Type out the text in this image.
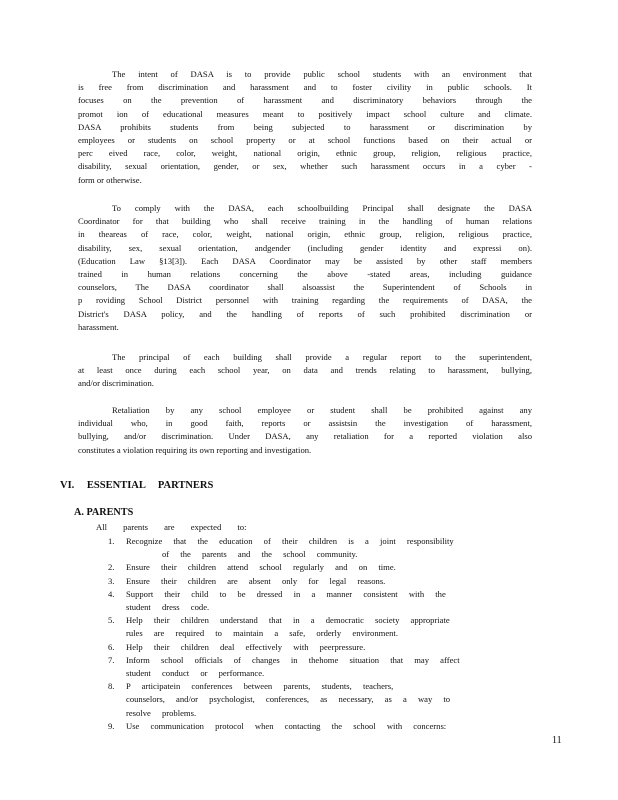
The intent of DASA is to provide public school students with an environment that
is free from discrimination and harassment and to foster civility in public schools. It
focuses on the prevention of harassment and discriminatory behaviors through the
promot ion of educational measures meant to positively impact school culture and climate.
DASA prohibits students from being subjected to harassment or discrimination by
employees or students on school property or at school functions based on their actual or
perc eived race, color, weight, national origin, ethnic group, religion, religious practice,
disability, sexual orientation, gender, or sex, whether such harassment occurs in a cyber -
form or otherwise.
To comply with the DASA, each schoolbuilding Principal shall designate the DASA
Coordinator for that building who shall receive training in the handling of human relations
in theareas of race, color, weight, national origin, ethnic group, religion, religious practice,
disability, sex, sexual orientation, andgender (including gender identity and expressi on).
(Education Law §13[3]). Each DASA Coordinator may be assisted by other staff members
trained in human relations concerning the above -stated areas, including guidance
counselors, The DASA coordinator shall alsoassist the Superintendent of Schools in
p roviding School District personnel with training regarding the requirements of DASA, the
District's DASA policy, and the handling of reports of such prohibited discrimination or
harassment.
The principal of each building shall provide a regular report to the superintendent,
at least once during each school year, on data and trends relating to harassment, bullying,
and/or discrimination.
Retaliation by any school employee or student shall be prohibited against any
individual who, in good faith, reports or assistsin the investigation of harassment,
bullying, and/or discrimination. Under DASA, any retaliation for a reported violation also
constitutes a violation requiring its own reporting and investigation.
VI. ESSENTIAL PARTNERS
A. PARENTS
All parents are expected to:
1. Recognize that the education of their children is a joint responsibility
of the parents and the school community.
2. Ensure their children attend school regularly and on time.
3. Ensure their children are absent only for legal reasons.
4. Support their child to be dressed in a manner consistent with the
student dress code.
5. Help their children understand that in a democratic society appropriate
rules are required to maintain a safe, orderly environment.
6. Help their children deal effectively with peerpressure.
7. Inform school officials of changes in thehome situation that may affect
student conduct or performance.
8. P articipatein conferences between parents, students, teachers,
counselors, and/or psychologist, conferences, as necessary, as a way to
resolve problems.
9. Use communication protocol when contacting the school with concerns:
11
